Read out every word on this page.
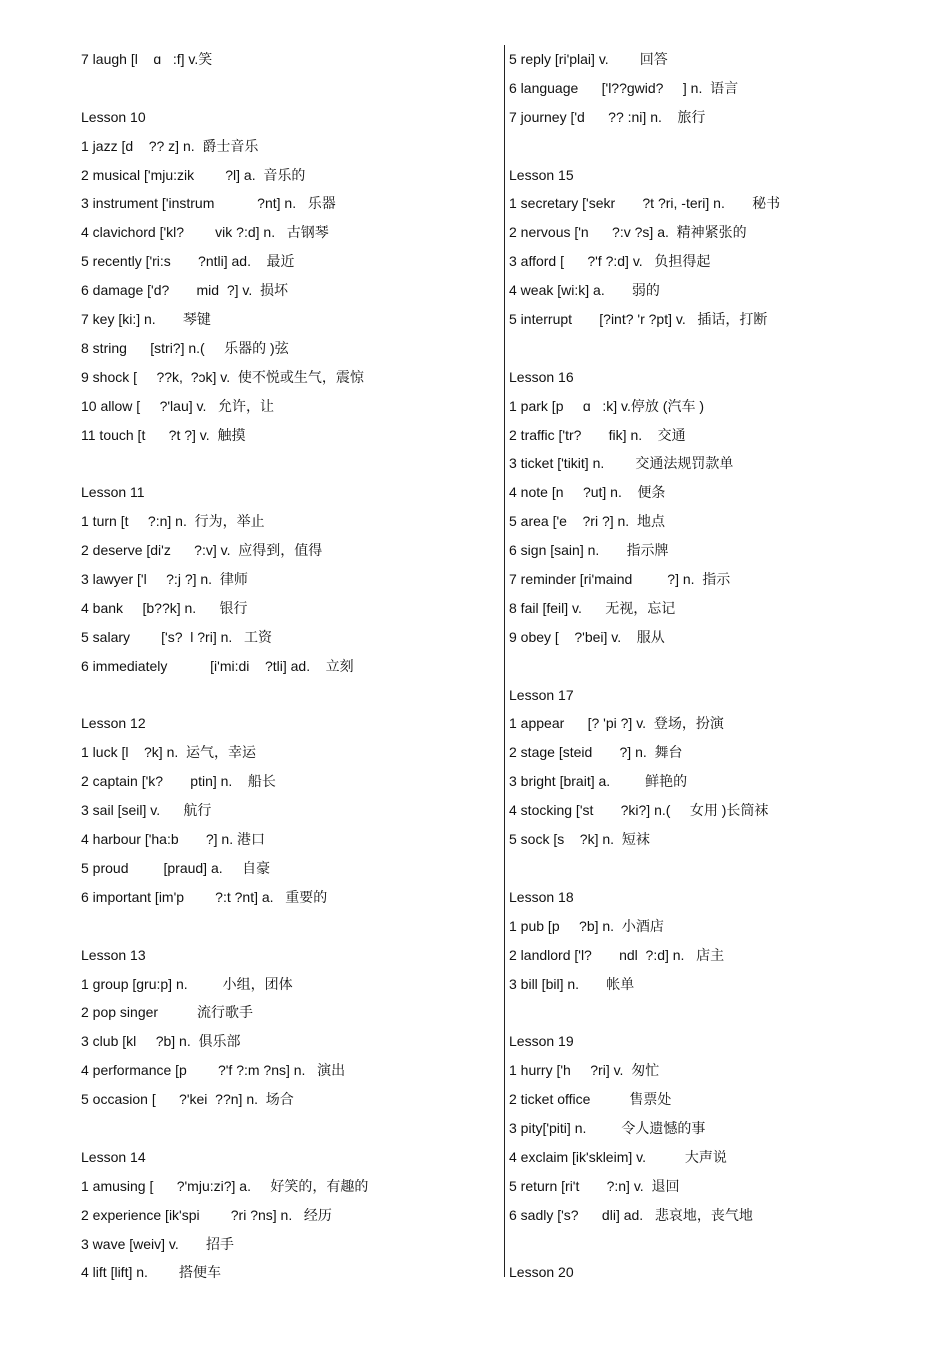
7 laugh [l    ɑ   :f] v.笑

Lesson 10
1 jazz [d    ?? z] n.  爵士音乐
2 musical ['mju:zik        ?l] a.  音乐的
3 instrument ['instrum           ?nt] n.   乐器
4 clavichord ['kl?        vik ?:d] n.   古钢琴
5 recently ['ri:s       ?ntli] ad.    最近
6 damage ['d?       mid  ?] v.  损坏
7 key [ki:] n.       琴键
8 string      [stri?] n.(     乐器的 )弦
9 shock [     ??k,  ?ɔk] v.  使不悦或生气，震惊
10 allow [     ?'lau] v.   允许，让
11 touch [t      ?t ?] v.  触摸

Lesson 11
1 turn [t     ?:n] n.  行为，举止
2 deserve [di'z      ?:v] v.  应得到，值得
3 lawyer ['l     ?:j ?] n.  律师
4 bank     [b??k] n.      银行
5 salary        ['s?  l ?ri] n.   工资
6 immediately           [i'mi:di    ?tli] ad.    立刻

Lesson 12
1 luck [l    ?k] n.  运气，幸运
2 captain ['k?       ptin] n.    船长
3 sail [seil] v.      航行
4 harbour ['ha:b       ?] n. 港口
5 proud         [praud] a.     自豪
6 important [im'p        ?:t ?nt] a.   重要的

Lesson 13
1 group [gru:p] n.         小组，团体
2 pop singer          流行歌手
3 club [kl     ?b] n.  俱乐部
4 performance [p        ?'f ?:m ?ns] n.   演出
5 occasion [      ?'kei  ??n] n.  场合

Lesson 14
1 amusing [      ?'mju:zi?] a.     好笑的，有趣的
2 experience [ik'spi        ?ri ?ns] n.   经历
3 wave [weiv] v.       招手
4 lift [lift] n.        搭便车
5 reply [ri'plai] v.        回答
6 language      ['l??gwid?     ] n.  语言
7 journey ['d      ?? :ni] n.    旅行

Lesson 15
1 secretary ['sekr       ?t ?ri, -teri] n.       秘书
2 nervous ['n      ?:v ?s] a.  精神紧张的
3 afford [      ?'f ?:d] v.   负担得起
4 weak [wi:k] a.       弱的
5 interrupt       [?int? 'r ?pt] v.   插话，打断

Lesson 16
1 park [p     ɑ   :k] v.停放 (汽车 )
2 traffic ['tr?       fik] n.    交通
3 ticket ['tikit] n.        交通法规罚款单
4 note [n     ?ut] n.    便条
5 area ['e    ?ri ?] n.  地点
6 sign [sain] n.       指示牌
7 reminder [ri'maind         ?] n.  指示
8 fail [feil] v.      无视，忘记
9 obey [    ?'bei] v.    服从

Lesson 17
1 appear      [? 'pi ?] v.  登场，扮演
2 stage [steid       ?] n.  舞台
3 bright [brait] a.         鲜艳的
4 stocking ['st       ?ki?] n.(     女用 )长筒袜
5 sock [s    ?k] n.  短袜

Lesson 18
1 pub [p     ?b] n.  小酒店
2 landlord ['l?       ndl  ?:d] n.   店主
3 bill [bil] n.       帐单

Lesson 19
1 hurry ['h     ?ri] v.  匆忙
2 ticket office          售票处
3 pity['piti] n.         令人遗憾的事
4 exclaim [ik'skleim] v.          大声说
5 return [ri't       ?:n] v.  退回
6 sadly ['s?      dli] ad.   悲哀地，丧气地

Lesson 20
